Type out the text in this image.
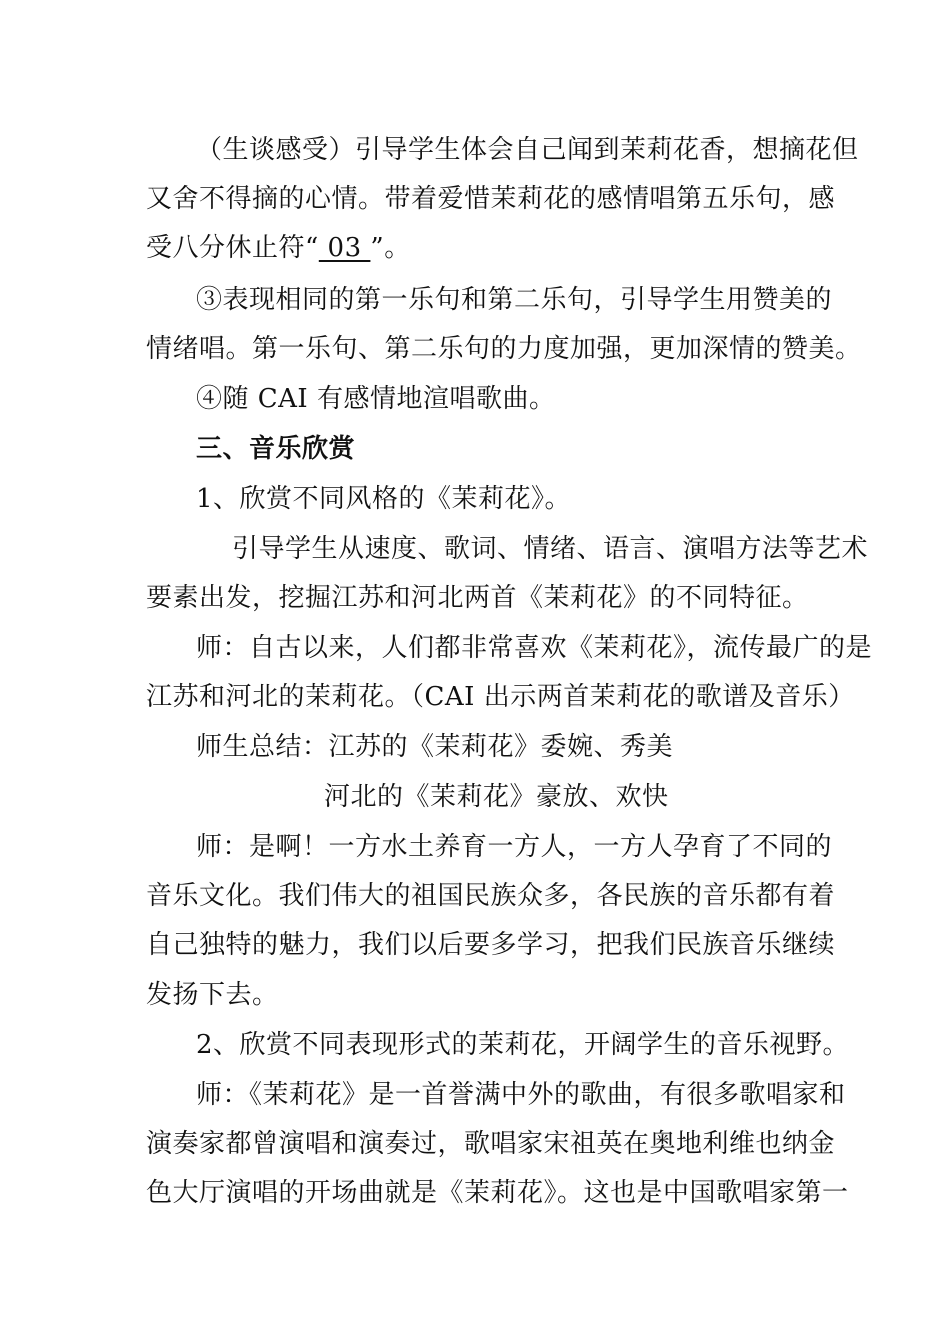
（生谈感受）引导学生体会自己闻到茉莉花香，想摘花但
又舍不得摘的心情。带着爱惜茉莉花的感情唱第五乐句，感
受八分休止符“ 03 ”。
③表现相同的第一乐句和第二乐句，引导学生用赞美的
情绪唱。第一乐句、第二乐句的力度加强，更加深情的赞美。
④随 CAI 有感情地渲唱歌曲。
三、音乐欣赏
1、欣赏不同风格的《茉莉花》。
引导学生从速度、歌词、情绪、语言、演唱方法等艺术
要素出发，挖掘江苏和河北两首《茉莉花》的不同特征。
师：自古以来，人们都非常喜欢《茉莉花》，流传最广的是
江苏和河北的茉莉花。（CAI 出示两首茉莉花的歌谱及音乐）
师生总结：江苏的《茉莉花》委婉、秀美
河北的《茉莉花》豪放、欢快
师：是啊！一方水土养育一方人，一方人孕育了不同的
音乐文化。我们伟大的祖国民族众多，各民族的音乐都有着
自己独特的魅力，我们以后要多学习，把我们民族音乐继续
发扬下去。
2、欣赏不同表现形式的茉莉花，开阔学生的音乐视野。
师：《茉莉花》是一首誉满中外的歌曲，有很多歌唱家和
演奏家都曾演唱和演奏过，歌唱家宋祖英在奥地利维也纳金
色大厅演唱的开场曲就是《茉莉花》。这也是中国歌唱家第一
